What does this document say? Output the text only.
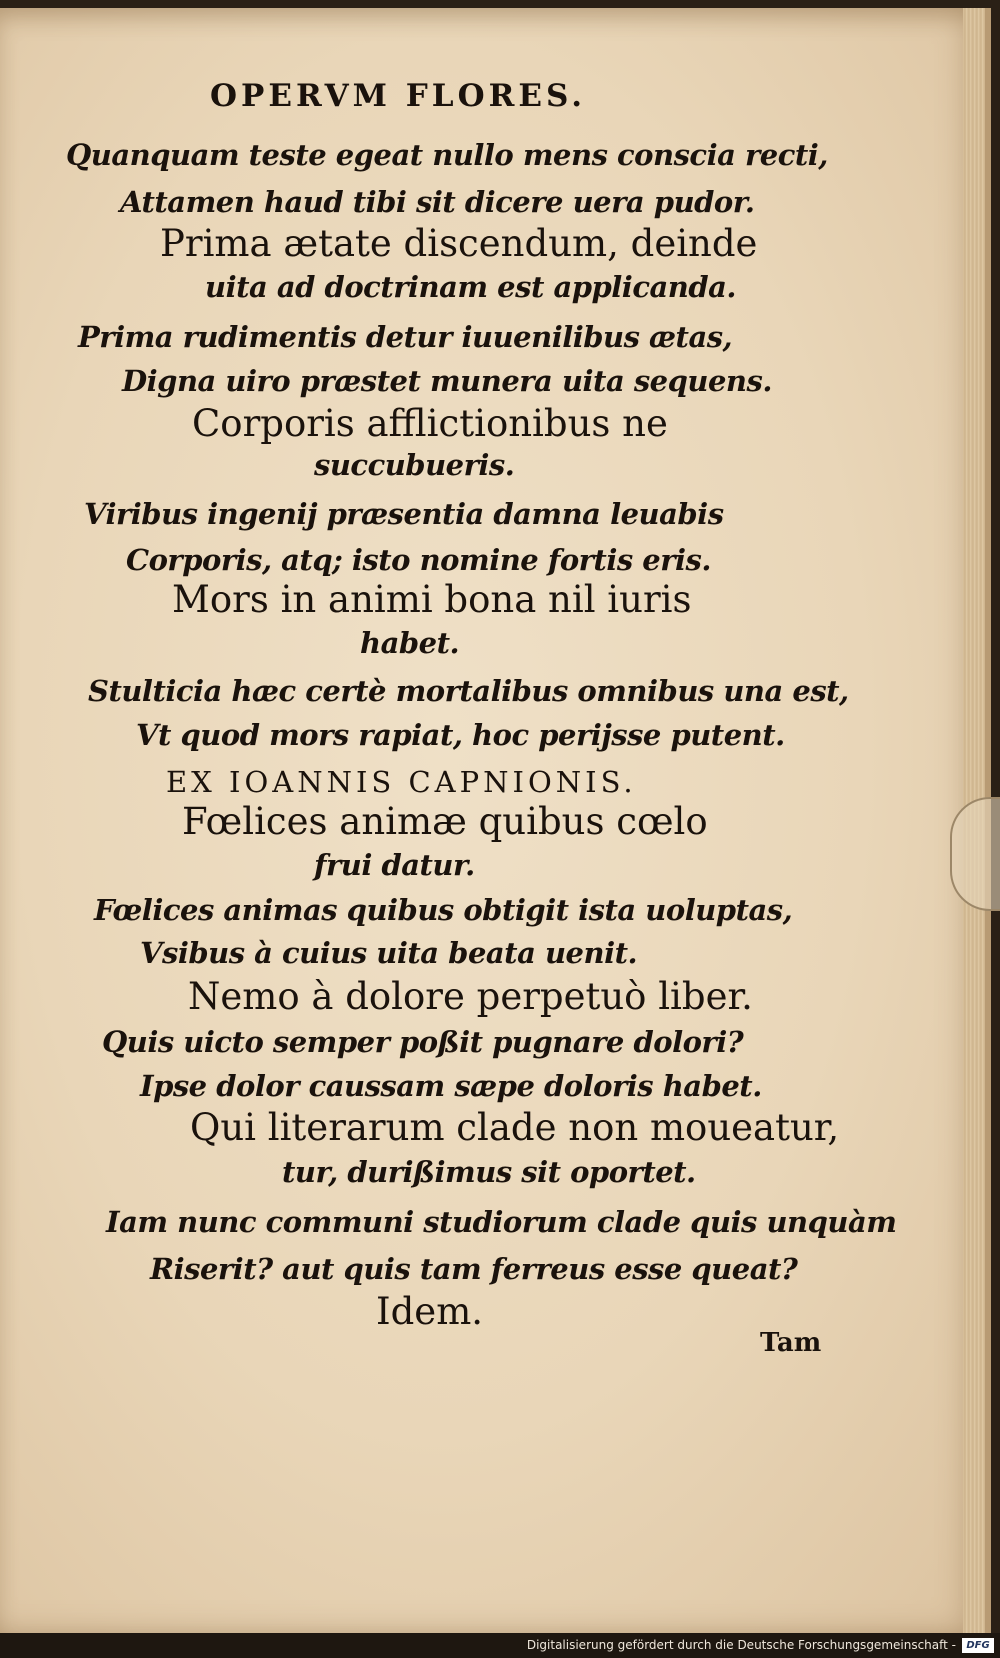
OPERVM FLORES.

Quanquam teste egeat nullo mens conscia recti,

Attamen haud tibi sit dicere uera pudor.

Prima ætate discendum, deinde

uita ad doctrinam est applicanda.

Prima rudimentis detur iuuenilibus ætas,

Digna uiro præstet munera uita sequens.

Corporis afflictionibus ne

succubueris.

Viribus ingenij præsentia damna leuabis

Corporis, atq; isto nomine fortis eris.

Mors in animi bona nil iuris

habet.

Stulticia hæc certè mortalibus omnibus una est,

Vt quod mors rapiat, hoc perijsse putent.

EX IOANNIS CAPNIONIS.

Fœlices animæ quibus cœlo

frui datur.

Fœlices animas quibus obtigit ista uoluptas,

Vsibus à cuius uita beata uenit.

Nemo à dolore perpetuò liber.

Quis uicto semper poßit pugnare dolori?

Ipse dolor caussam sæpe doloris habet.

Qui literarum clade non moueatur,

tur, durißimus sit oportet.

Iam nunc communi studiorum clade quis unquàm

Riserit? aut quis tam ferreus esse queat?

Idem.

Tam

Digitalisierung gefördert durch die Deutsche Forschungsgemeinschaft -	DFG
